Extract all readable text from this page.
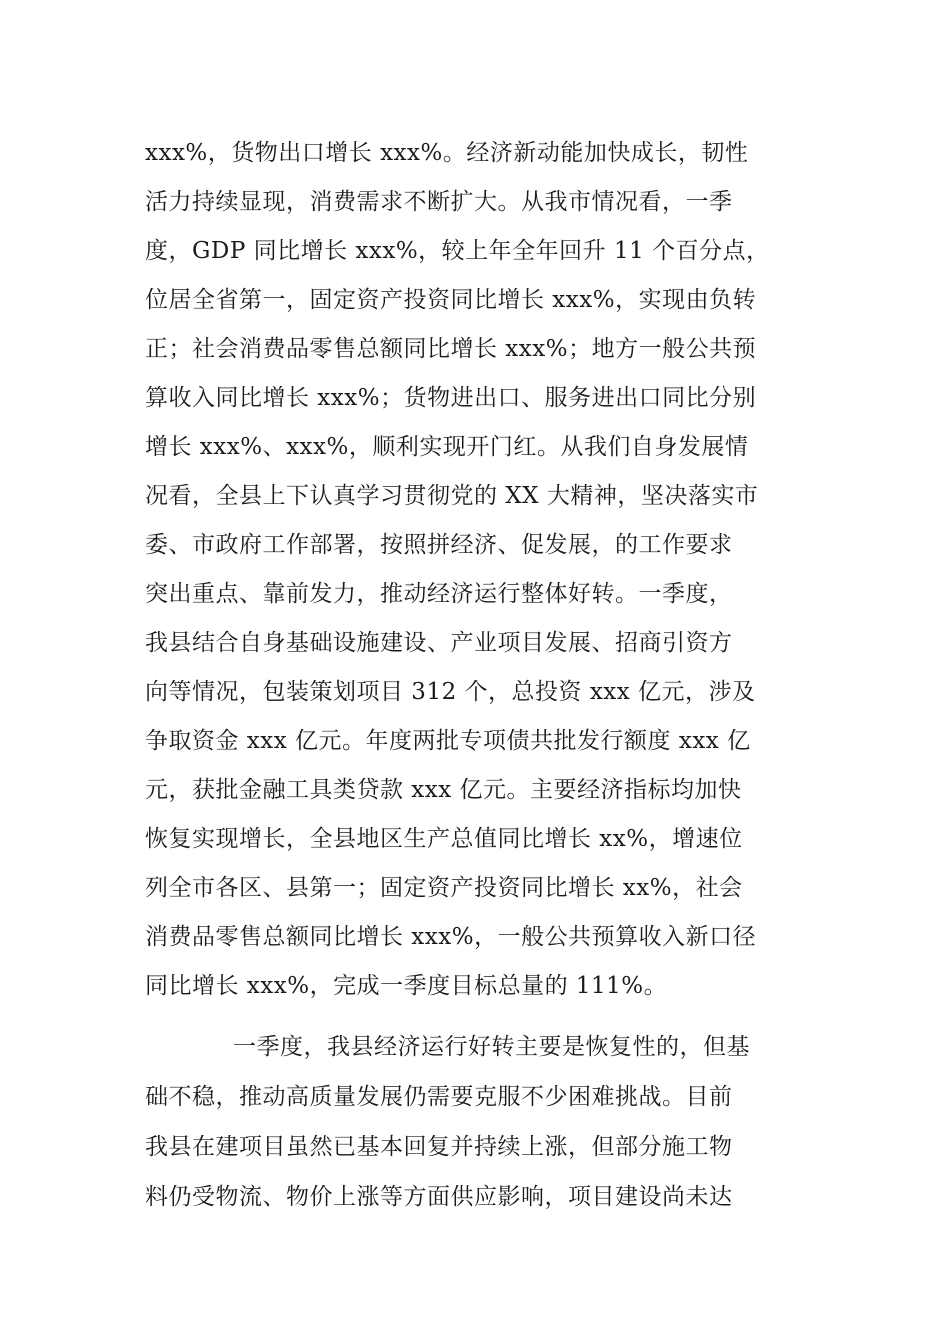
xxx%，货物出口增长 xxx%。经济新动能加快成长，韧性
活力持续显现，消费需求不断扩大。从我市情况看，一季
度，GDP 同比增长 xxx%，较上年全年回升 11 个百分点，
位居全省第一，固定资产投资同比增长 xxx%，实现由负转
正；社会消费品零售总额同比增长 xxx%；地方一般公共预
算收入同比增长 xxx%；货物进出口、服务进出口同比分别
增长 xxx%、xxx%，顺利实现开门红。从我们自身发展情
况看，全县上下认真学习贯彻党的 XX 大精神，坚决落实市
委、市政府工作部署，按照拼经济、促发展，的工作要求
突出重点、靠前发力，推动经济运行整体好转。一季度，
我县结合自身基础设施建设、产业项目发展、招商引资方
向等情况，包装策划项目 312 个，总投资 xxx 亿元，涉及
争取资金 xxx 亿元。年度两批专项债共批发行额度 xxx 亿
元，获批金融工具类贷款 xxx 亿元。主要经济指标均加快
恢复实现增长，全县地区生产总值同比增长 xx%，增速位
列全市各区、县第一；固定资产投资同比增长 xx%，社会
消费品零售总额同比增长 xxx%，一般公共预算收入新口径
同比增长 xxx%，完成一季度目标总量的 111%。
一季度，我县经济运行好转主要是恢复性的，但基
础不稳，推动高质量发展仍需要克服不少困难挑战。目前
我县在建项目虽然已基本回复并持续上涨，但部分施工物
料仍受物流、物价上涨等方面供应影响，项目建设尚未达
